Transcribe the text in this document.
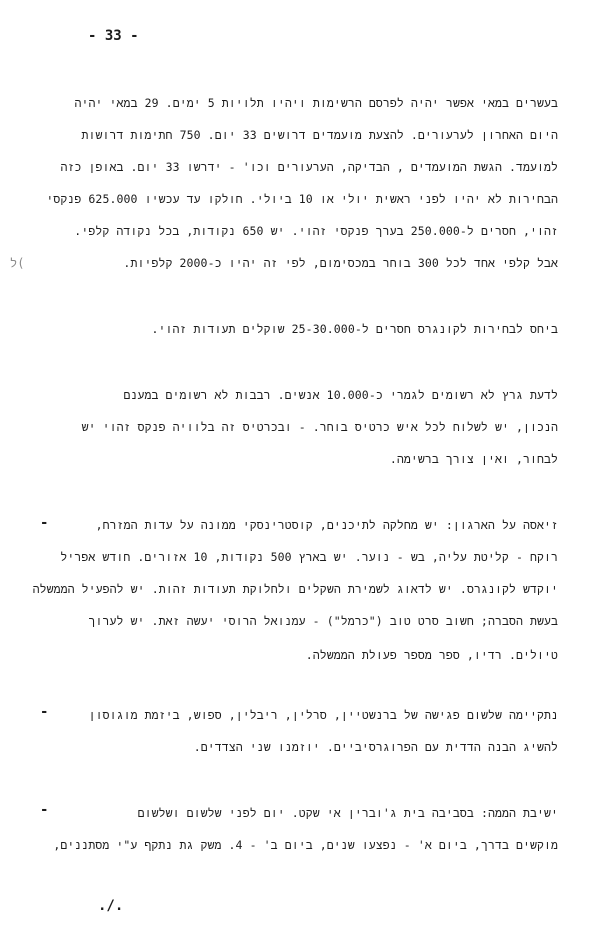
- 33 -
ל(
בעשרים במאי אפשר יהיה לפרסם הרשימות ויהיו תלויות 5 ימים. 29 במאי יהיה
היום האחרון לערעורים. להצעת מועמדים דרושים 33 יום. 750 חתימות דרושות
למועמד. הגשת המועמדים , הבדיקה, הערעורים וכו' - ידרשו 33 יום. באופן כזה
הבחירות לא יהיו לפני ראשית יולי או 10 ביולי. חולקו עד עכשיו 625.000 פנקסי
זהוי, חסרים ל-250.000 בערך פנקסי זהוי. יש 650 נקודות, בכל נקודה קלפי.
אבל קלפי אחד לכל 300 בוחר במכסימום, לפי זה יהיו כ-2000 קלפיות.
ביחס לבחירות לקונגרס חסרים ל-25-30.000 שוקלים תעודות זהוי.
לדעת גרץ לא רשומים לגמרי כ-10.000 אנשים. רבבות לא רשומים במענם
הנכון, יש לשלוח לכל איש כרטיס בוחר. - ובכרטיס זה בלוויה פנקס זהוי יש
לבחור, ואין צורך ברשימה.
-	זיאסה על הארגון: יש מחלקה לתיכנים, קוסטרינסקי ממונה על עדות המזרח,
רוקח - קליטת עליה, בש - נוער. יש בארץ 500 נקודות, 10 אזורים. חודש אפריל
יוקדש לקונגרס. יש לדאוג לשמירת השקלים ולחלוקת תעודות זהות. יש להפעיל הממשלה
בעשת הסברה; חשוב סרט טוב ("כרמל") - עמנואל הרוסי יעשה זאת. יש לערוך
טיולים. רדיו, ספר מספר פעולת הממשלה.
-	נתקיימה שלשום פגישה של ברנשטיין, סרלין, ריבלין, ספוש, ביזמת מוגוסון
להשיג הבנה הדדית עם הפרוגרסיביים. יוזמנו שני הצדדים.
-	ישיבת הממה: בסביבה בית ג'וברין אי שקט. יום לפני שלשום ושלשום
מוקשים בדרך, ביום א' - נפצעו שנים, ביום ב' - 4. משק גת נתקף ע"י מסתננים,
./.
